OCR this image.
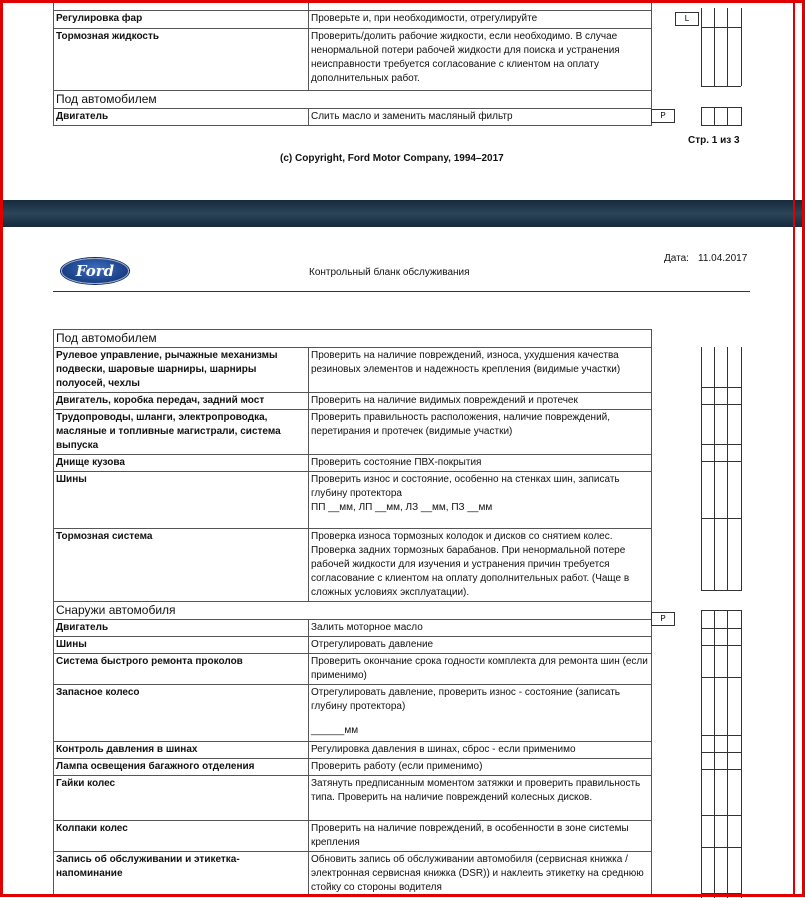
Регулировка фар	Проверьте и, при необходимости, отрегулируйте
Тормозная жидкость	Проверить/долить рабочие жидкости, если необходимо. В случае ненормальной потери рабочей жидкости для поиска и устранения неисправности требуется согласование с клиентом на оплату дополнительных работ.
Под автомобилем	
Двигатель	Слить масло и заменить масляный фильтр
L
P
Стр. 1 из 3
(c) Copyright, Ford Motor Company, 1994–2017
Ford	Контрольный бланк обслуживания
Дата: 11.04.2017
Под автомобилем	
Рулевое управление, рычажные механизмы подвески, шаровые шарниры, шарниры полуосей, чехлы	Проверить на наличие повреждений, износа, ухудшения качества резиновых элементов и надежность крепления (видимые участки)
Двигатель, коробка передач, задний мост	Проверить на наличие видимых повреждений и протечек
Трудопроводы, шланги, электропроводка, масляные и топливные магистрали, система выпуска	Проверить правильность расположения, наличие повреждений, перетирания и протечек (видимые участки)
Днище кузова	Проверить состояние ПВХ-покрытия
Шины	Проверить износ и состояние, особенно на стенках шин, записать глубину протектора
ПП __мм, ЛП __мм, ЛЗ __мм, ПЗ __мм

Тормозная система	Проверка износа тормозных колодок и дисков со снятием колес. Проверка задних тормозных барабанов. При ненормальной потере рабочей жидкости для изучения и устранения причин требуется согласование с клиентом на оплату дополнительных работ. (Чаще в сложных условиях эксплуатации).
Снаружи автомобиля	
Двигатель	Залить моторное масло
Шины	Отрегулировать давление
Система быстрого ремонта проколов	Проверить окончание срока годности комплекта для ремонта шин (если применимо)
Запасное колесо	Отрегулировать давление, проверить износ - состояние (записать глубину протектора)
______мм

Контроль давления в шинах	Регулировка давления в шинах, сброс - если применимо
Лампа освещения багажного отделения	Проверить работу (если применимо)
Гайки колес	Затянуть предписанным моментом затяжки и проверить правильность типа. Проверить на наличие повреждений колесных дисков.
Колпаки колес	Проверить на наличие повреждений, в особенности в зоне системы крепления
Запись об обслуживании и этикетка-напоминание	Обновить запись об обслуживании автомобиля (сервисная книжка / электронная сервисная книжка (DSR)) и наклеить этикетку на среднюю стойку со стороны водителя
P
